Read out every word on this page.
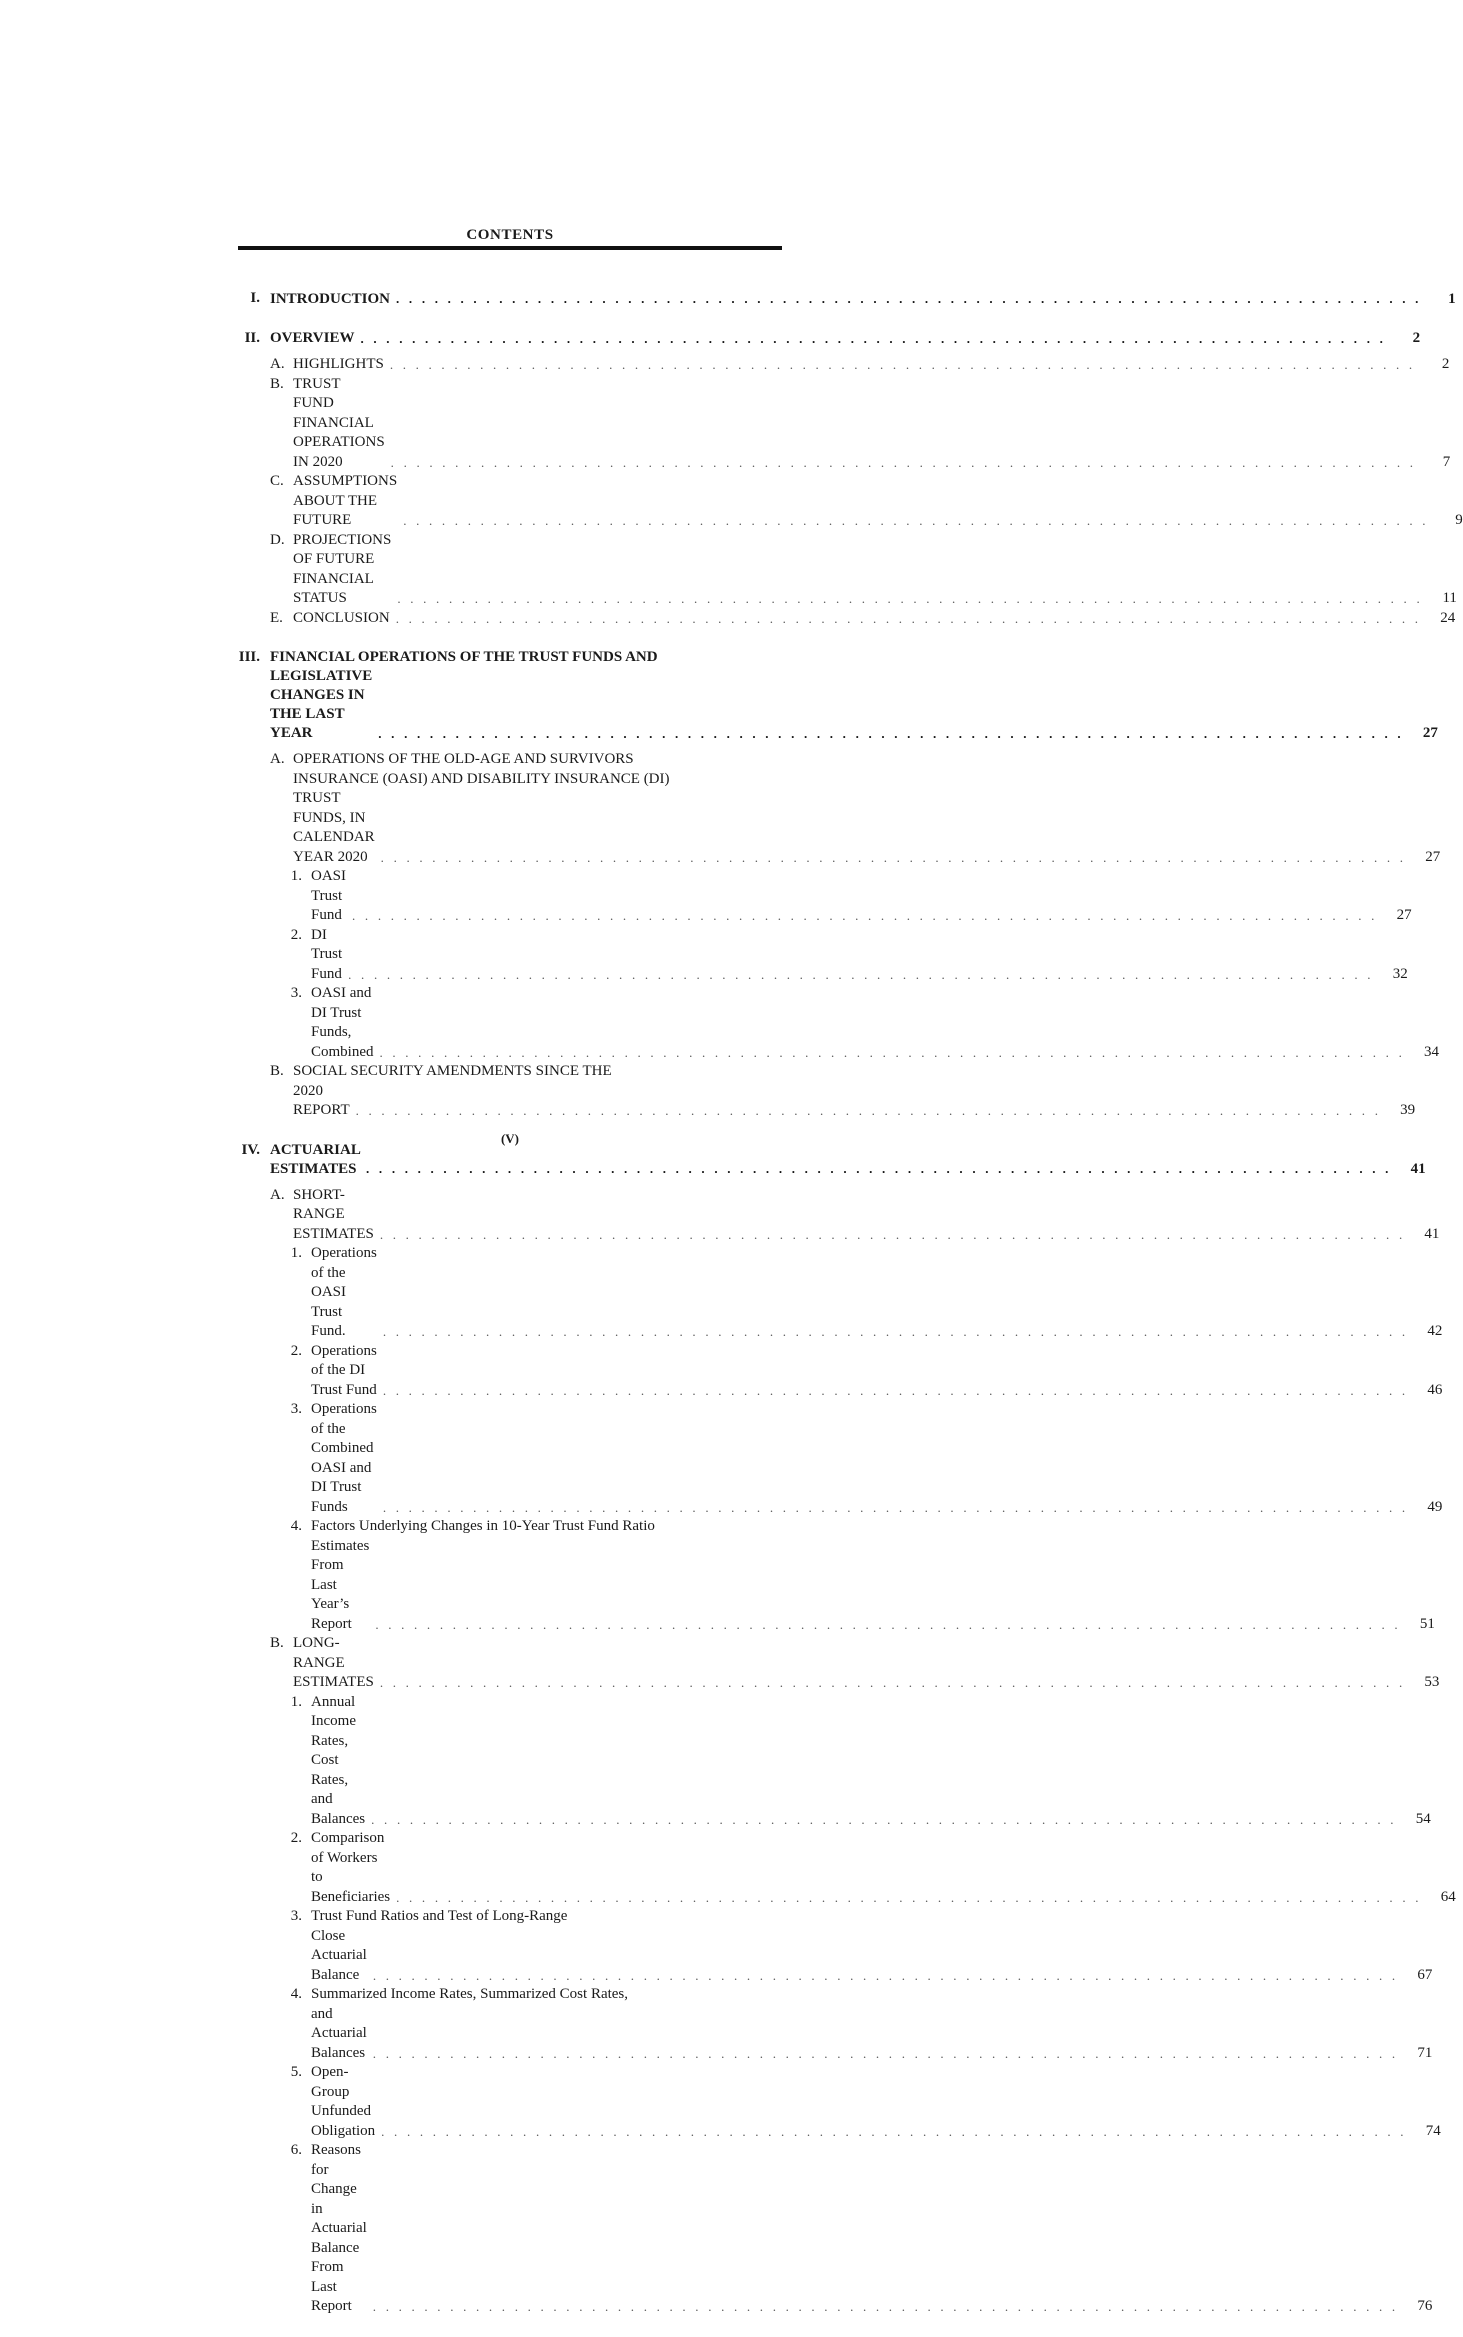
CONTENTS
I. INTRODUCTION . . . . . . . . . . . . . . . . . . . . . . . . . . . . . . . . . . . . . . . . . . . . . . . . . . . . . . . . . . . . . . . . . . . . . . . . . . . . . . . .	1
II. OVERVIEW . . . . . . . . . . . . . . . . . . . . . . . . . . . . . . . . . . . . . . . . . . . . . . . . . . . . . . . . . . . . . . . . . . . . . . . . . . . . . . . .	2
A. HIGHLIGHTS . . . . . . . . . . . . . . . . . . . . . . . . . . . . . . . . . . . . . . . . . . . . . . . . . . . . . . . . . . . . . . . . . . . . . . . . . . . . . . . .	2
B. TRUST FUND FINANCIAL OPERATIONS IN 2020	. . . . . . . . . . . . . . . . . . . . . . . . . . . . . . . . . . . . . . . . . . . . . . . . . . . . . . . . . . . . . . . . . . . . . . . . . . . . . . . .	7
C. ASSUMPTIONS ABOUT THE FUTURE	. . . . . . . . . . . . . . . . . . . . . . . . . . . . . . . . . . . . . . . . . . . . . . . . . . . . . . . . . . . . . . . . . . . . . . . . . . . . . . . .	9
D. PROJECTIONS OF FUTURE FINANCIAL STATUS	. . . . . . . . . . . . . . . . . . . . . . . . . . . . . . . . . . . . . . . . . . . . . . . . . . . . . . . . . . . . . . . . . . . . . . . . . . . . . . . .	11
E. CONCLUSION . . . . . . . . . . . . . . . . . . . . . . . . . . . . . . . . . . . . . . . . . . . . . . . . . . . . . . . . . . . . . . . . . . . . . . . . . . . . . . . .	24
III. FINANCIAL OPERATIONS OF THE TRUST FUNDS AND
LEGISLATIVE CHANGES IN THE LAST YEAR	. . . . . . . . . . . . . . . . . . . . . . . . . . . . . . . . . . . . . . . . . . . . . . . . . . . . . . . . . . . . . . . . . . . . . . . . . . . . . . . .	27
A. OPERATIONS OF THE OLD-AGE AND SURVIVORS
INSURANCE (OASI) AND DISABILITY INSURANCE (DI)
TRUST FUNDS, IN CALENDAR YEAR 2020	. . . . . . . . . . . . . . . . . . . . . . . . . . . . . . . . . . . . . . . . . . . . . . . . . . . . . . . . . . . . . . . . . . . . . . . . . . . . . . . .	27
1. OASI Trust Fund . . . . . . . . . . . . . . . . . . . . . . . . . . . . . . . . . . . . . . . . . . . . . . . . . . . . . . . . . . . . . . . . . . . . . . . . . . . . . . . .	27
2. DI Trust Fund . . . . . . . . . . . . . . . . . . . . . . . . . . . . . . . . . . . . . . . . . . . . . . . . . . . . . . . . . . . . . . . . . . . . . . . . . . . . . . . .	32
3. OASI and DI Trust Funds, Combined . . . . . . . . . . . . . . . . . . . . . . . . . . . . . . . . . . . . . . . . . . . . . . . . . . . . . . . . . . . . . . . . . . . . . . . . . . . . . . . .	34
B. SOCIAL SECURITY AMENDMENTS SINCE THE
2020 REPORT . . . . . . . . . . . . . . . . . . . . . . . . . . . . . . . . . . . . . . . . . . . . . . . . . . . . . . . . . . . . . . . . . . . . . . . . . . . . . . . .	39
IV. ACTUARIAL ESTIMATES . . . . . . . . . . . . . . . . . . . . . . . . . . . . . . . . . . . . . . . . . . . . . . . . . . . . . . . . . . . . . . . . . . . . . . . . . . . . . . . .	41
A. SHORT-RANGE ESTIMATES . . . . . . . . . . . . . . . . . . . . . . . . . . . . . . . . . . . . . . . . . . . . . . . . . . . . . . . . . . . . . . . . . . . . . . . . . . . . . . . .	41
1. Operations of the OASI Trust Fund.	. . . . . . . . . . . . . . . . . . . . . . . . . . . . . . . . . . . . . . . . . . . . . . . . . . . . . . . . . . . . . . . . . . . . . . . . . . . . . . . .	42
2. Operations of the DI Trust Fund . . . . . . . . . . . . . . . . . . . . . . . . . . . . . . . . . . . . . . . . . . . . . . . . . . . . . . . . . . . . . . . . . . . . . . . . . . . . . . . .	46
3. Operations of the Combined OASI and DI Trust Funds	. . . . . . . . . . . . . . . . . . . . . . . . . . . . . . . . . . . . . . . . . . . . . . . . . . . . . . . . . . . . . . . . . . . . . . . . . . . . . . . .	49
4. Factors Underlying Changes in 10-Year Trust Fund Ratio
Estimates From Last Year’s Report	. . . . . . . . . . . . . . . . . . . . . . . . . . . . . . . . . . . . . . . . . . . . . . . . . . . . . . . . . . . . . . . . . . . . . . . . . . . . . . . .	51
B. LONG-RANGE ESTIMATES . . . . . . . . . . . . . . . . . . . . . . . . . . . . . . . . . . . . . . . . . . . . . . . . . . . . . . . . . . . . . . . . . . . . . . . . . . . . . . . .	53
1. Annual Income Rates, Cost Rates, and Balances . . . . . . . . . . . . . . . . . . . . . . . . . . . . . . . . . . . . . . . . . . . . . . . . . . . . . . . . . . . . . . . . . . . . . . . . . . . . . . . .	54
2. Comparison of Workers to Beneficiaries . . . . . . . . . . . . . . . . . . . . . . . . . . . . . . . . . . . . . . . . . . . . . . . . . . . . . . . . . . . . . . . . . . . . . . . . . . . . . . . .	64
3. Trust Fund Ratios and Test of Long-Range
Close Actuarial Balance	. . . . . . . . . . . . . . . . . . . . . . . . . . . . . . . . . . . . . . . . . . . . . . . . . . . . . . . . . . . . . . . . . . . . . . . . . . . . . . . .	67
4. Summarized Income Rates, Summarized Cost Rates,
and Actuarial Balances . . . . . . . . . . . . . . . . . . . . . . . . . . . . . . . . . . . . . . . . . . . . . . . . . . . . . . . . . . . . . . . . . . . . . . . . . . . . . . . .	71
5. Open-Group Unfunded Obligation . . . . . . . . . . . . . . . . . . . . . . . . . . . . . . . . . . . . . . . . . . . . . . . . . . . . . . . . . . . . . . . . . . . . . . . . . . . . . . . .	74
6. Reasons for Change in Actuarial Balance From Last Report	. . . . . . . . . . . . . . . . . . . . . . . . . . . . . . . . . . . . . . . . . . . . . . . . . . . . . . . . . . . . . . . . . . . . . . . . . . . . . . . .	76
(V)
